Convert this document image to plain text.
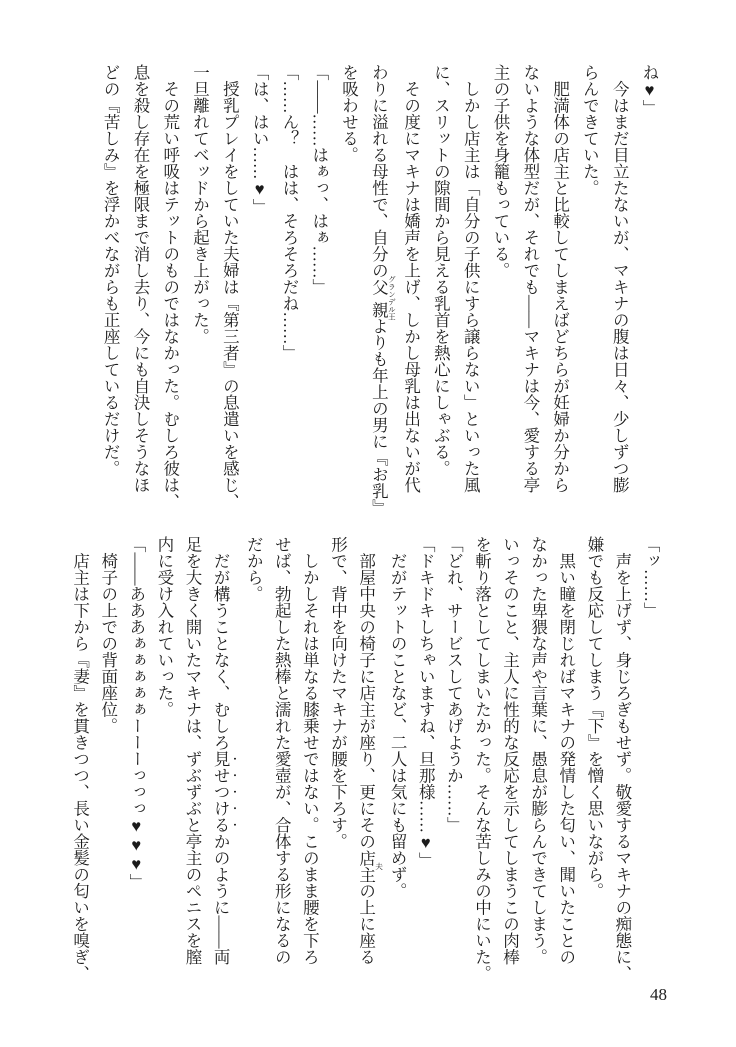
ね♥」

　今はまだ目立たないが、マキナの腹は日々、少しずつ膨

らんできていた。

　肥満体の店主と比較してしまえばどちらが妊婦か分から

ないような体型だが、それでも——マキナは今、愛する亭

主の子供を身籠もっている。

　しかし店主は「自分の子供にすら譲らない」といった風

に、スリットの隙間から見える乳首を熱心にしゃぶる。

　その度にマキナは嬌声を上げ、しかし母乳は出ないが代

わりに溢れる母性で、自分の父親 グランデル王よりも年上の男に『お乳』

を吸わせる。

「——……はぁっ、はぁ……」

「……ん？　はは、そろそろだね……」

「は、はい……♥」

　授乳プレイをしていた夫婦は『第三者』の息遣いを感じ、

一旦離れてベッドから起き上がった。

　その荒い呼吸はテットのものではなかった。むしろ彼は、

息を殺し存在を極限まで消し去り、今にも自決しそうなほ

どの『苦しみ』を浮かべながらも正座しているだけだ。

「ッ……」

　声を上げず、身じろぎもせず。敬愛するマキナの痴態に、

嫌でも反応してしまう『下』を憎く思いながら。

　黒い瞳を閉じればマキナの発情した匂い、聞いたことの

なかった卑猥な声や言葉に、愚息が膨らんできてしまう。

いっそのこと、主人に性的な反応を示してしまうこの肉棒

を斬り落としてしまいたかった。そんな苦しみの中にいた。

「どれ、サービスしてあげようか……」

「ドキドキしちゃいますね、旦那様……♥」

　だがテットのことなど、二人は気にも留めず。

　部屋中央の椅子に店主が座り、更にその店主 夫の上に座る

形で、背中を向けたマキナが腰を下ろす。

　しかしそれは単なる膝乗せではない。このまま腰を下ろ

せば、勃起した熱棒と濡れた愛壺が、合体する形になるの

だから。

　だが構うことなく、むしろ見せつけるかのように——両

足を大きく開いたマキナは、ずぶずぶと亭主のペニスを膣

内に受け入れていった。

「——あああぁぁぁぁぁーーーっっっ♥♥♥」

　椅子の上での背面座位。

　店主は下から『妻』を貫きつつ、長い金髪の匂いを嗅ぎ、

48
